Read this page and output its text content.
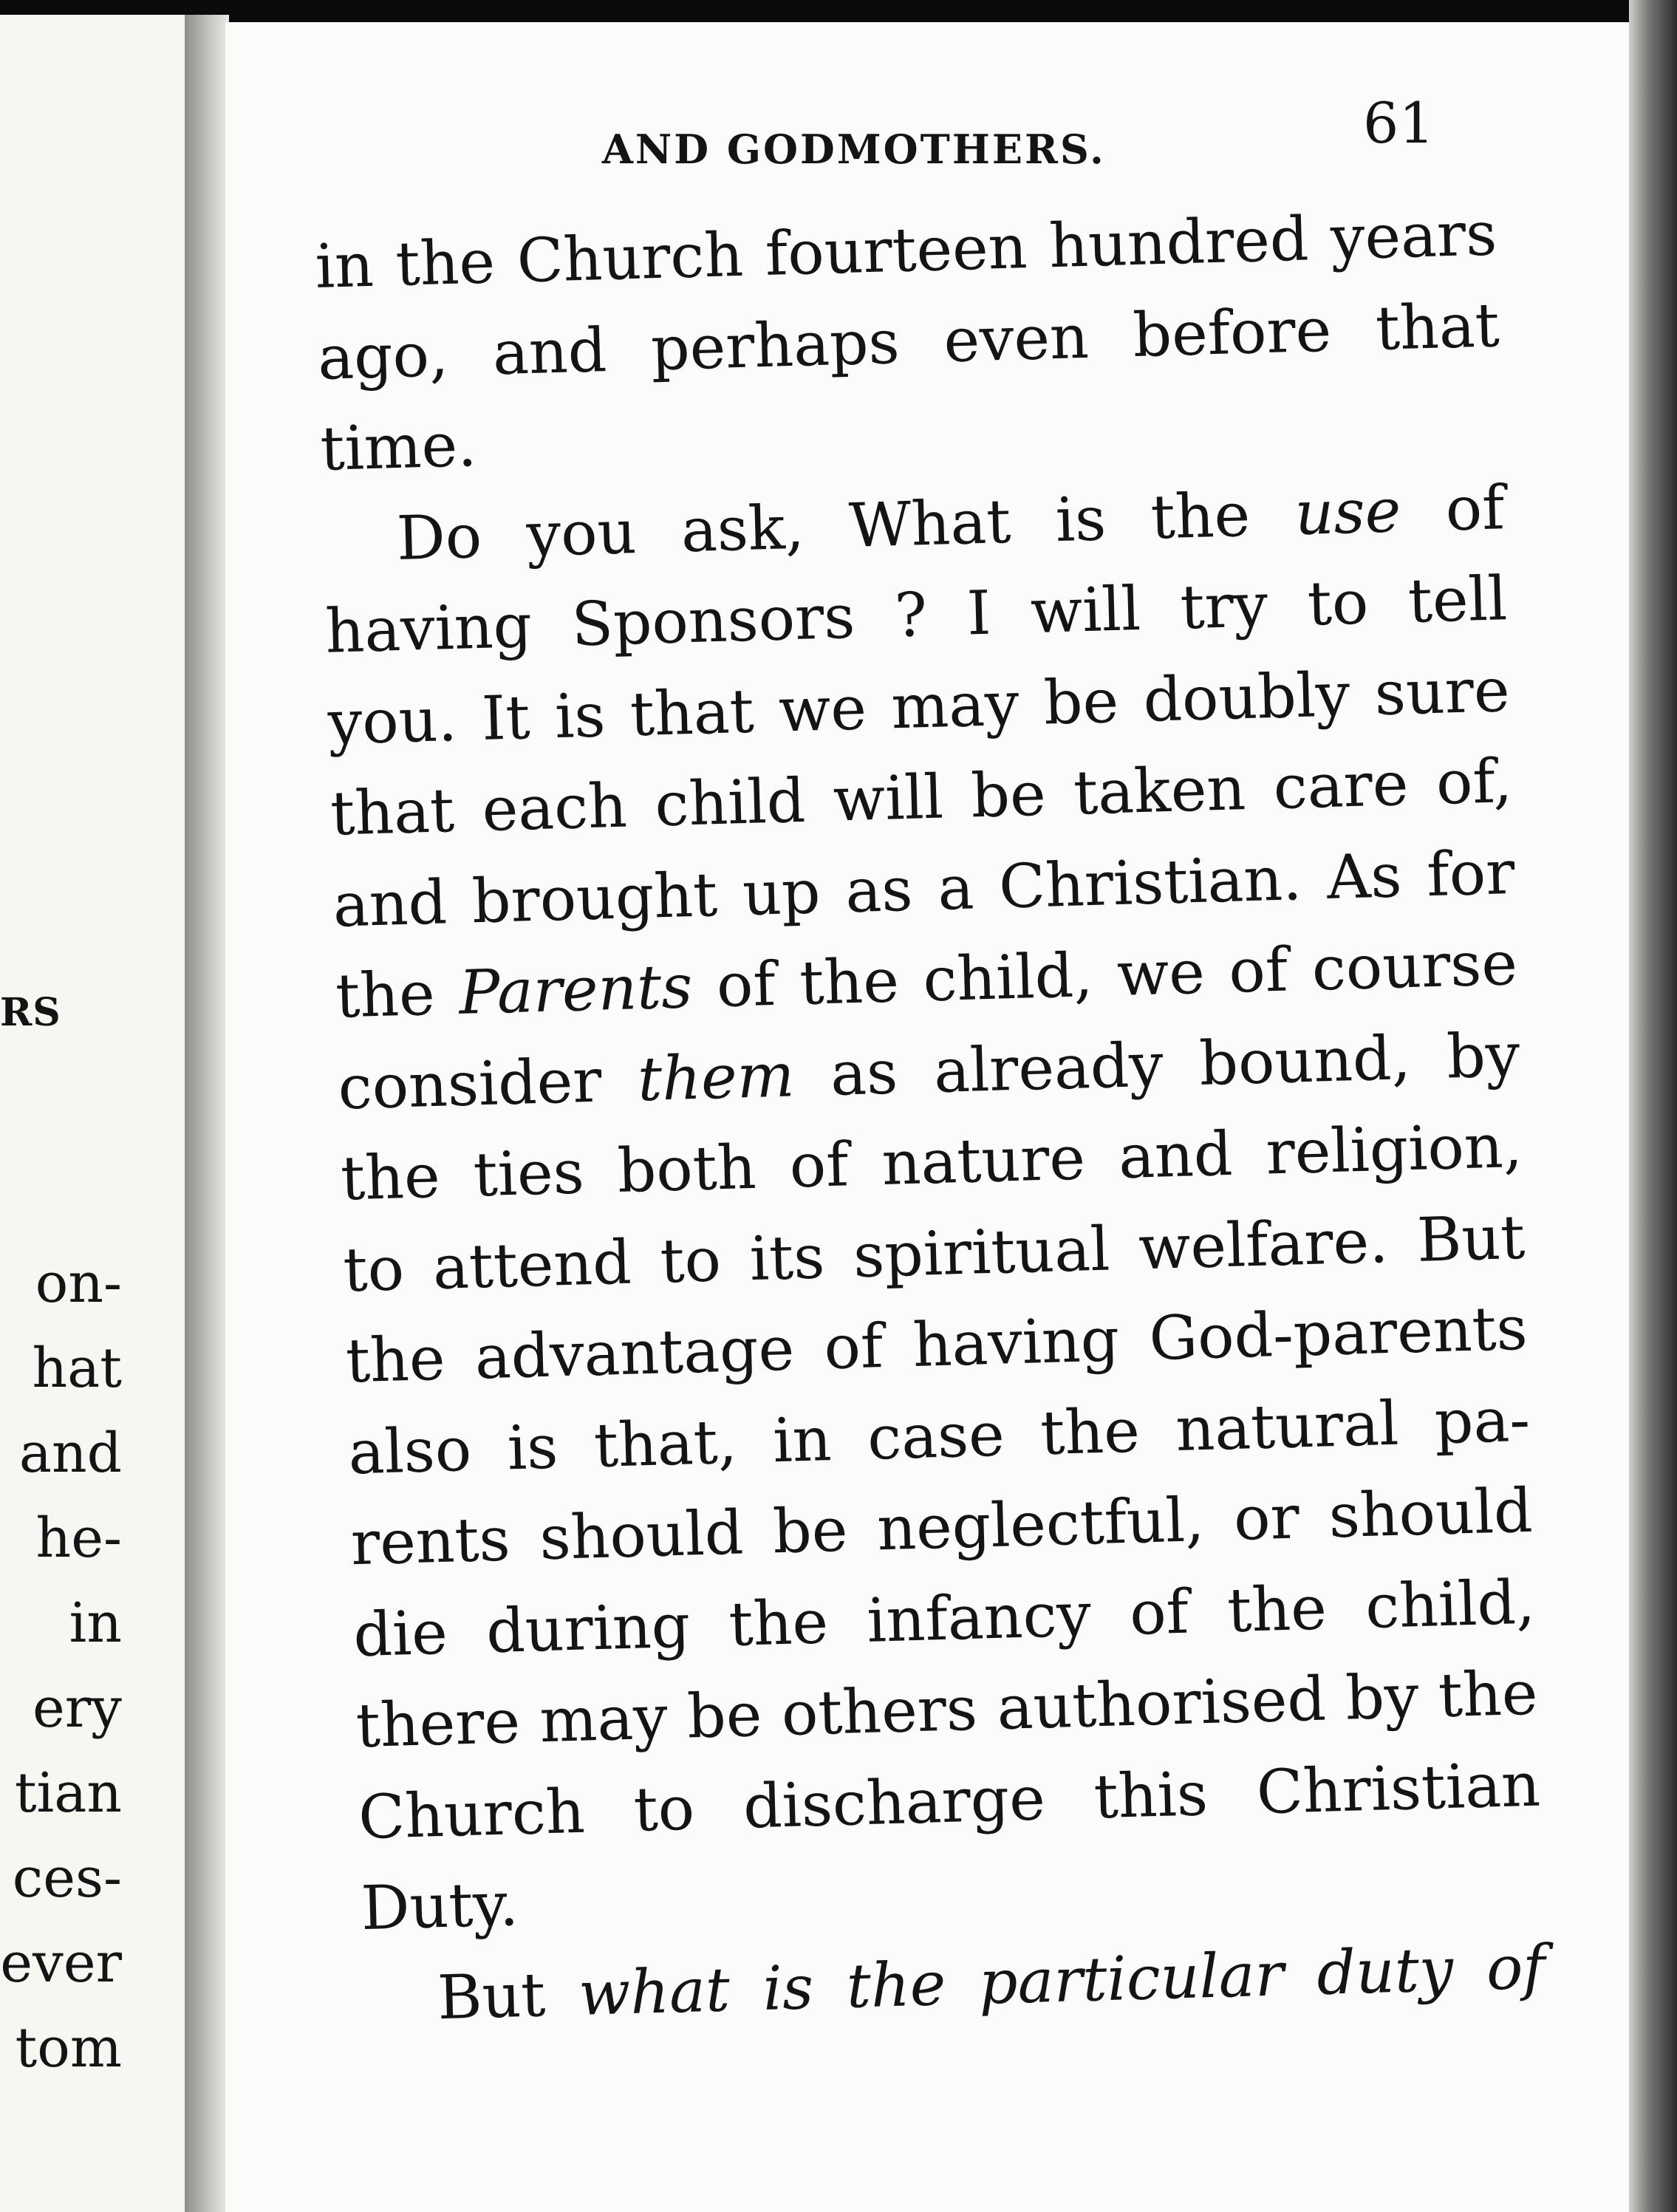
RS
on-
hat
and
he-
in
ery
tian
ces-
ever
tom
AND GODMOTHERS.	61
in the Church fourteen hundred years
ago, and perhaps even before that
time.
Do you ask, What is the use of
having Sponsors ? I will try to tell
you. It is that we may be doubly sure
that each child will be taken care of,
and brought up as a Christian. As for
the Parents of the child, we of course
consider them as already bound, by
the ties both of nature and religion,
to attend to its spiritual welfare. But
the advantage of having God-parents
also is that, in case the natural pa-
rents should be neglectful, or should
die during the infancy of the child,
there may be others authorised by the
Church to discharge this Christian
Duty.
But what is the particular duty of
